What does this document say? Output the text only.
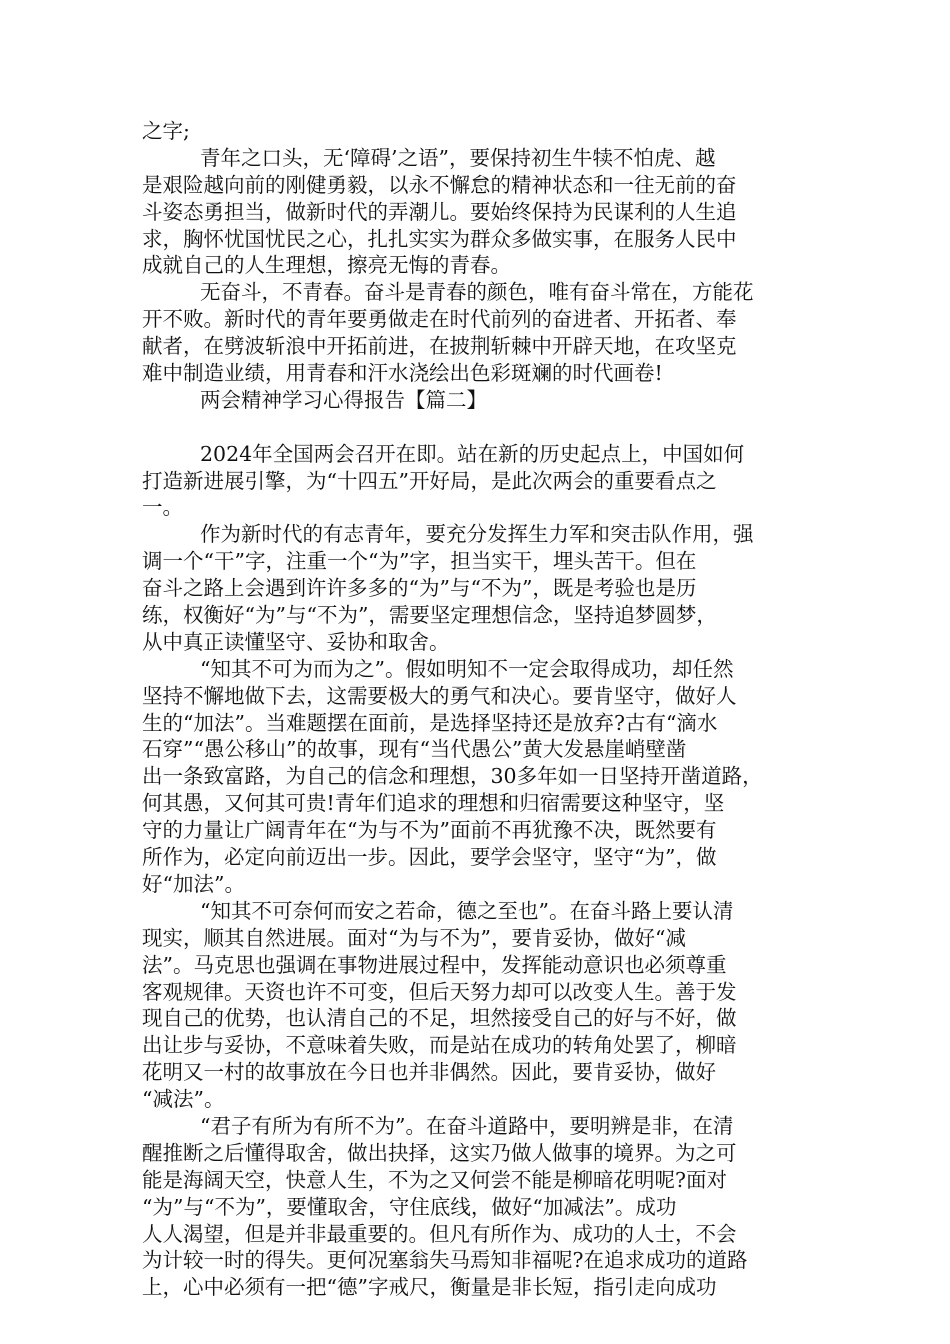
之字;
青年之口头，无‘障碍’之语”，要保持初生牛犊不怕虎、越
是艰险越向前的刚健勇毅，以永不懈怠的精神状态和一往无前的奋
斗姿态勇担当，做新时代的弄潮儿。要始终保持为民谋利的人生追
求，胸怀忧国忧民之心，扎扎实实为群众多做实事，在服务人民中
成就自己的人生理想，擦亮无悔的青春。
无奋斗，不青春。奋斗是青春的颜色，唯有奋斗常在，方能花
开不败。新时代的青年要勇做走在时代前列的奋进者、开拓者、奉
献者，在劈波斩浪中开拓前进，在披荆斩棘中开辟天地，在攻坚克
难中制造业绩，用青春和汗水浇绘出色彩斑斓的时代画卷!
两会精神学习心得报告【篇二】
2024年全国两会召开在即。站在新的历史起点上，中国如何
打造新进展引擎，为“十四五”开好局，是此次两会的重要看点之
一。
作为新时代的有志青年，要充分发挥生力军和突击队作用，强
调一个“干”字，注重一个“为”字，担当实干，埋头苦干。但在
奋斗之路上会遇到许许多多的“为”与“不为”，既是考验也是历
练，权衡好“为”与“不为”，需要坚定理想信念，坚持追梦圆梦，
从中真正读懂坚守、妥协和取舍。
“知其不可为而为之”。假如明知不一定会取得成功，却任然
坚持不懈地做下去，这需要极大的勇气和决心。要肯坚守，做好人
生的“加法”。当难题摆在面前，是选择坚持还是放弃?古有“滴水
石穿”“愚公移山”的故事，现有“当代愚公”黄大发悬崖峭壁凿
出一条致富路，为自己的信念和理想，30多年如一日坚持开凿道路，
何其愚，又何其可贵!青年们追求的理想和归宿需要这种坚守，坚
守的力量让广阔青年在“为与不为”面前不再犹豫不决，既然要有
所作为，必定向前迈出一步。因此，要学会坚守，坚守“为”，做
好“加法”。
“知其不可奈何而安之若命，德之至也”。在奋斗路上要认清
现实，顺其自然进展。面对“为与不为”，要肯妥协，做好“减
法”。马克思也强调在事物进展过程中，发挥能动意识也必须尊重
客观规律。天资也许不可变，但后天努力却可以改变人生。善于发
现自己的优势，也认清自己的不足，坦然接受自己的好与不好，做
出让步与妥协，不意味着失败，而是站在成功的转角处罢了，柳暗
花明又一村的故事放在今日也并非偶然。因此，要肯妥协，做好
“减法”。
“君子有所为有所不为”。在奋斗道路中，要明辨是非，在清
醒推断之后懂得取舍，做出抉择，这实乃做人做事的境界。为之可
能是海阔天空，快意人生，不为之又何尝不能是柳暗花明呢?面对
“为”与“不为”，要懂取舍，守住底线，做好“加减法”。成功
人人渴望，但是并非最重要的。但凡有所作为、成功的人士，不会
为计较一时的得失。更何况塞翁失马焉知非福呢?在追求成功的道路
上，心中必须有一把“德”字戒尺，衡量是非长短，指引走向成功
